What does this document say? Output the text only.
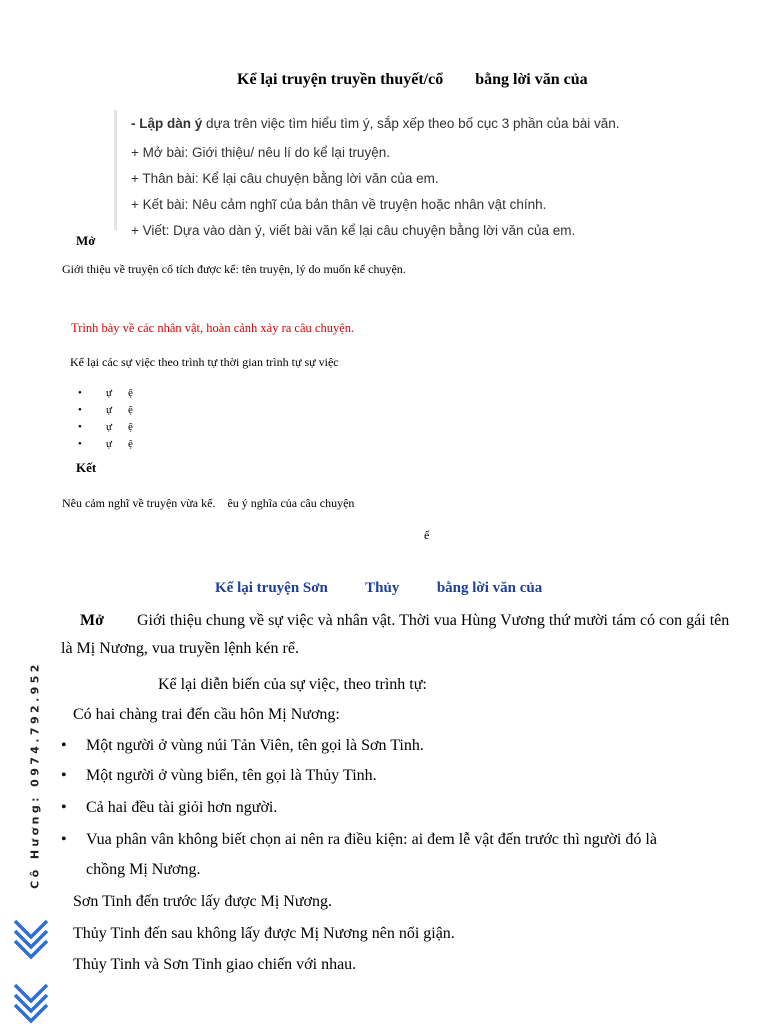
Kể lại truyện truyền thuyết/cổ        bằng lời văn của
- Lập dàn ý dựa trên việc tìm hiểu tìm ý, sắp xếp theo bố cục 3 phần của bài văn.
+ Mở bài: Giới thiệu/ nêu lí do kể lại truyện.
+ Thân bài: Kể lại câu chuyện bằng lời văn của em.
+ Kết bài: Nêu cảm nghĩ của bản thân về truyện hoặc nhân vật chính.
+ Viết: Dựa vào dàn ý, viết bài văn kể lại câu chuyện bằng lời văn của em.
Mở
Giới thiệu về truyện cổ tích được kể: tên truyện, lý do muốn kể chuyện.
Trình bày về các nhân vật, hoàn cảnh xảy ra câu chuyện.
Kể lại các sự việc theo trình tự thời gian trình tự sự việc
• ự ệ
• ự ệ
• ự ệ
• ự ệ
Kết
Nêu cảm nghĩ về truyện vừa kể.    êu ý nghĩa của câu chuyện
ế
Kể lại truyện Sơn          Thủy          bằng lời văn của
Mở Giới thiệu chung về sự việc và nhân vật. Thời vua Hùng Vương thứ mười tám có con gái tên là Mị Nương, vua truyền lệnh kén rể.
Kể lại diễn biến của sự việc, theo trình tự:
Có hai chàng trai đến cầu hôn Mị Nương:
• Một người ở vùng núi Tản Viên, tên gọi là Sơn Tinh.
• Một người ở vùng biển, tên gọi là Thủy Tinh.
• Cả hai đều tài giỏi hơn người.
• Vua phân vân không biết chọn ai nên ra điều kiện: ai đem lễ vật đến trước thì người đó là
chồng Mị Nương.
Sơn Tinh đến trước lấy được Mị Nương.
Thủy Tinh đến sau không lấy được Mị Nương nên nổi giận.
Thủy Tinh và Sơn Tinh giao chiến với nhau.
Cô Hương: 0974.792.952
